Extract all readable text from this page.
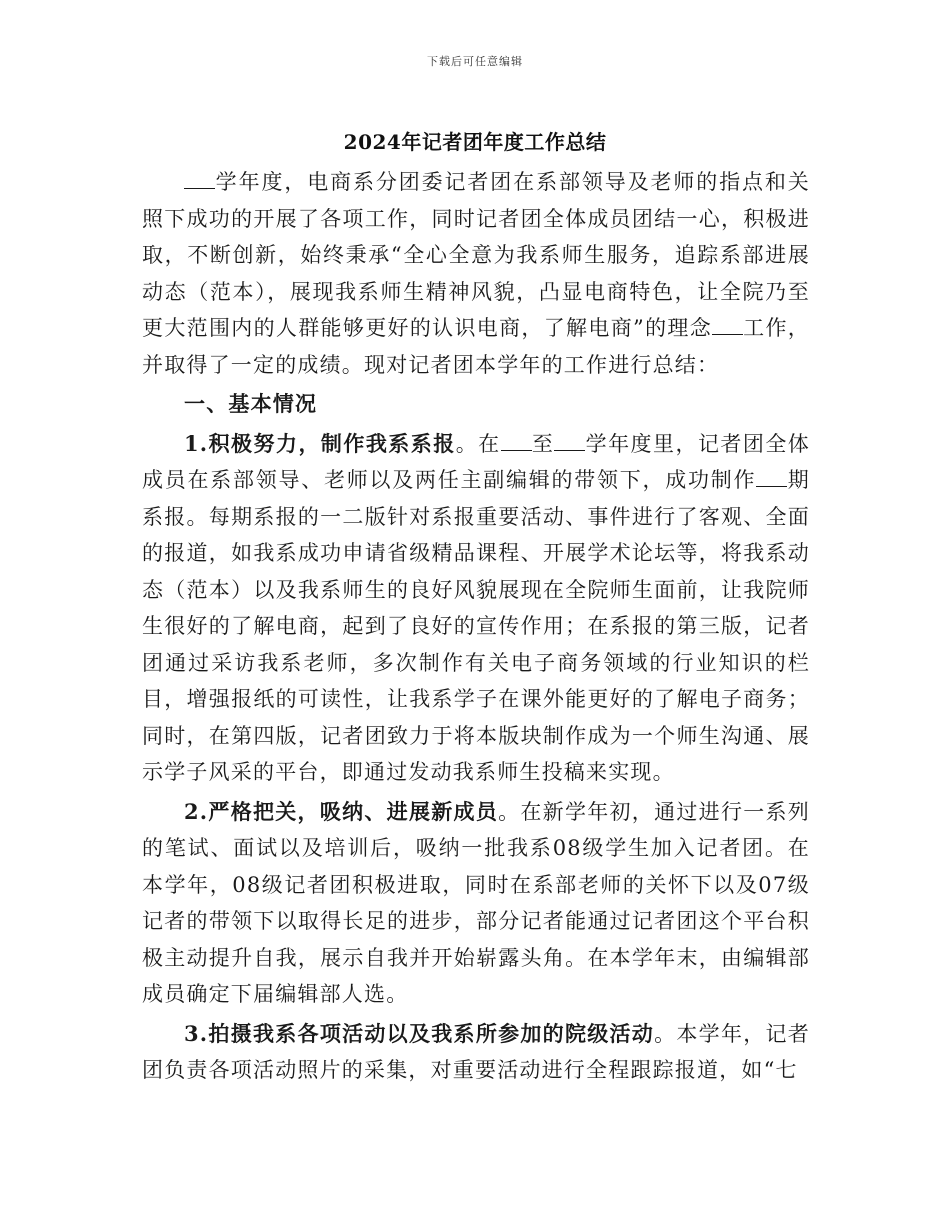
下载后可任意编辑
2024年记者团年度工作总结

学年度，电商系分团委记者团在系部领导及老师的指点和关照下成功的开展了各项工作，同时记者团全体成员团结一心，积极进取，不断创新，始终秉承“全心全意为我系师生服务，追踪系部进展动态（范本），展现我系师生精神风貌，凸显电商特色，让全院乃至更大范围内的人群能够更好的认识电商，了解电商”的理念 工作，并取得了一定的成绩。现对记者团本学年的工作进行总结：

一、基本情况

1.积极努力，制作我系系报。在 至 学年度里，记者团全体成员在系部领导、老师以及两任主副编辑的带领下，成功制作 期系报。每期系报的一二版针对系报重要活动、事件进行了客观、全面的报道，如我系成功申请省级精品课程、开展学术论坛等，将我系动态（范本）以及我系师生的良好风貌展现在全院师生面前，让我院师生很好的了解电商，起到了良好的宣传作用；在系报的第三版，记者团通过采访我系老师，多次制作有关电子商务领域的行业知识的栏目，增强报纸的可读性，让我系学子在课外能更好的了解电子商务；同时，在第四版，记者团致力于将本版块制作成为一个师生沟通、展示学子风采的平台，即通过发动我系师生投稿来实现。

2.严格把关，吸纳、进展新成员。在新学年初，通过进行一系列的笔试、面试以及培训后，吸纳一批我系08级学生加入记者团。在本学年，08级记者团积极进取，同时在系部老师的关怀下以及07级记者的带领下以取得长足的进步，部分记者能通过记者团这个平台积极主动提升自我，展示自我并开始崭露头角。在本学年末，由编辑部成员确定下届编辑部人选。

3.拍摄我系各项活动以及我系所参加的院级活动。本学年，记者团负责各项活动照片的采集，对重要活动进行全程跟踪报道，如“七
